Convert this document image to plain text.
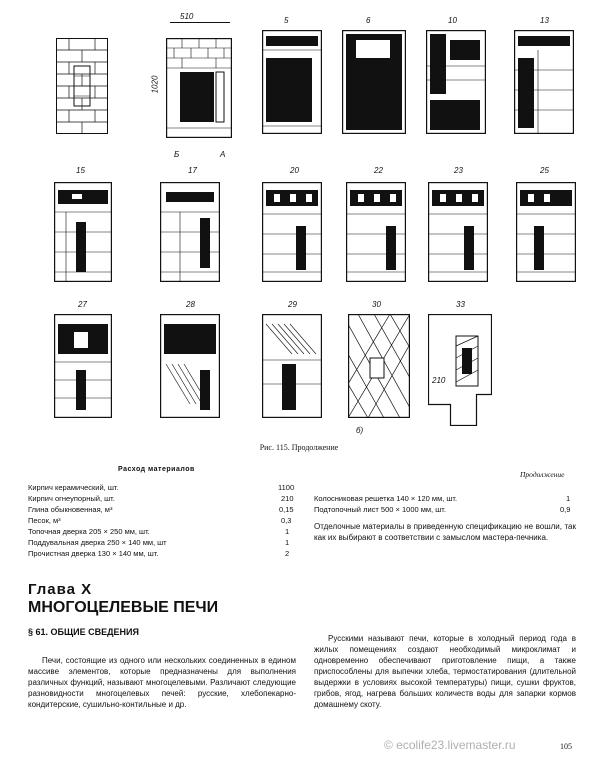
510
1020
Б	А
5	6	10	13
15	17	20	22	23	25
27	28	29	30	33
210
б)
Рис. 115. Продолжение
Расход материалов
Продолжение
Кирпич керамический, шт.	1100
Кирпич огнеупорный, шт.	210
Глина обыкновенная, м³	0,15
Песок, м³	0,3
Топочная дверка 205 × 250 мм, шт.	1
Поддувальная дверка 250 × 140 мм, шт	1
Прочистная дверка 130 × 140 мм, шт.	2
Колосниковая решетка 140 × 120 мм, шт.	1
Подтопочный лист 500 × 1000 мм, шт.	0,9
Отделочные материалы в приведенную спецификацию не вошли, так как их выбирают в соответствии с замыслом мастера-печника.
Глава X
МНОГОЦЕЛЕВЫЕ ПЕЧИ
§ 61. ОБЩИЕ СВЕДЕНИЯ
Печи, состоящие из одного или нескольких соединенных в едином массиве элементов, которые предназначены для выполнения различных функций, называют многоцелевыми. Различают следующие разновидности многоцелевых печей: русские, хлебопекарно-кондитерские, сушильно-контильные и др.
Русскими называют печи, которые в холодный период года в жилых помещениях создают необходимый микроклимат и одновременно обеспечивают приготовление пищи, а также приспособлены для выпечки хлеба, термостатирования (длительной выдержки в условиях высокой температуры) пищи, сушки фруктов, грибов, ягод, нагрева больших количеств воды для запарки кормов домашнему скоту.
© ecolife23.livemaster.ru	105
